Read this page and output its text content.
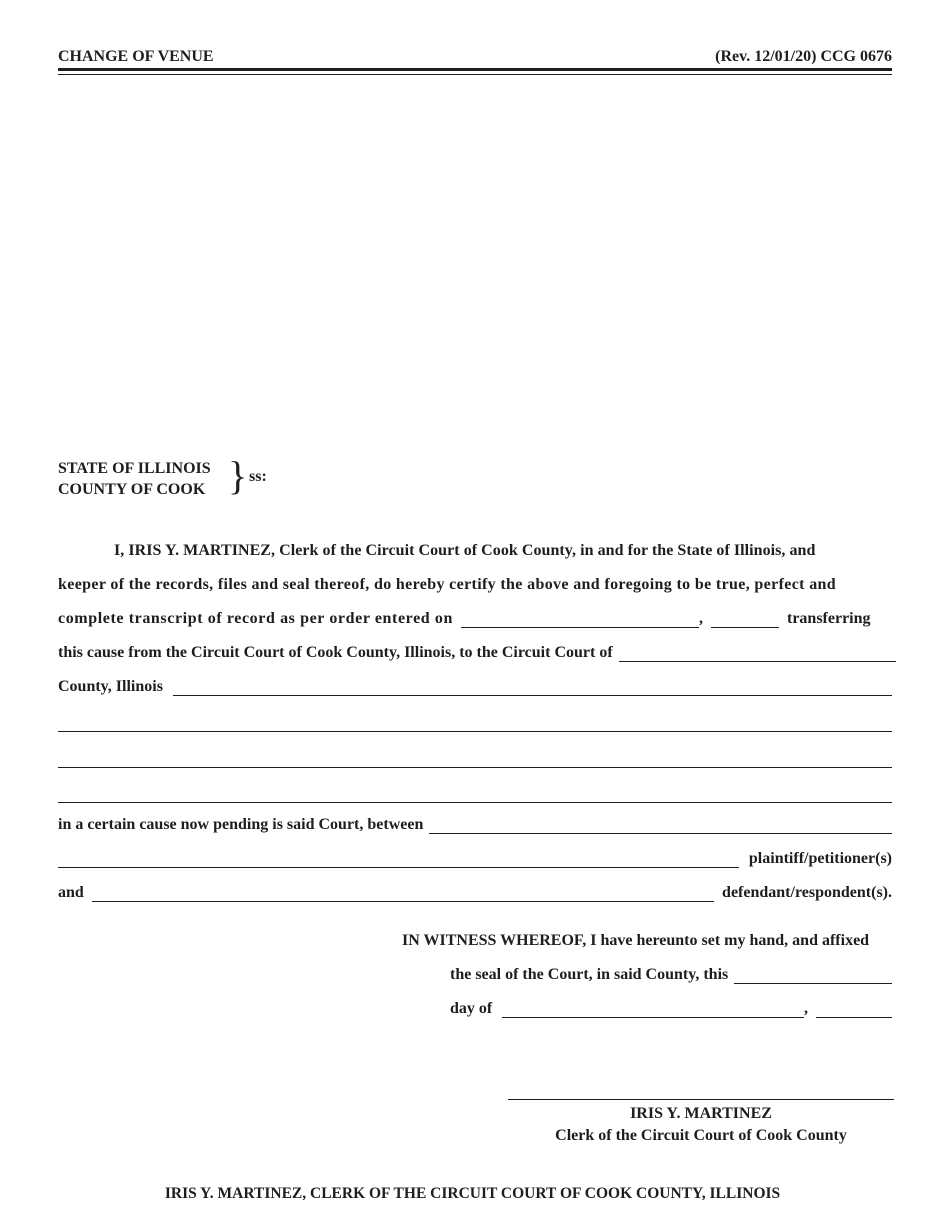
CHANGE OF VENUE	(Rev. 12/01/20) CCG 0676
STATE OF ILLINOIS
COUNTY OF COOK } ss:
I, IRIS Y. MARTINEZ, Clerk of the Circuit Court of Cook County, in and for the State of Illinois, and
keeper of the records, files and seal thereof, do hereby certify the above and foregoing to be true, perfect and
complete transcript of record as per order entered on	,	transferring
this cause from the Circuit Court of Cook County, Illinois, to the Circuit Court of
County, Illinois
in a certain cause now pending is said Court, between
plaintiff/petitioner(s)
and	defendant/respondent(s).
IN WITNESS WHEREOF, I have hereunto set my hand, and affixed
the seal of the Court, in said County, this
day of	,
IRIS Y. MARTINEZ
Clerk of the Circuit Court of Cook County
IRIS Y. MARTINEZ, CLERK OF THE CIRCUIT COURT OF COOK COUNTY, ILLINOIS
